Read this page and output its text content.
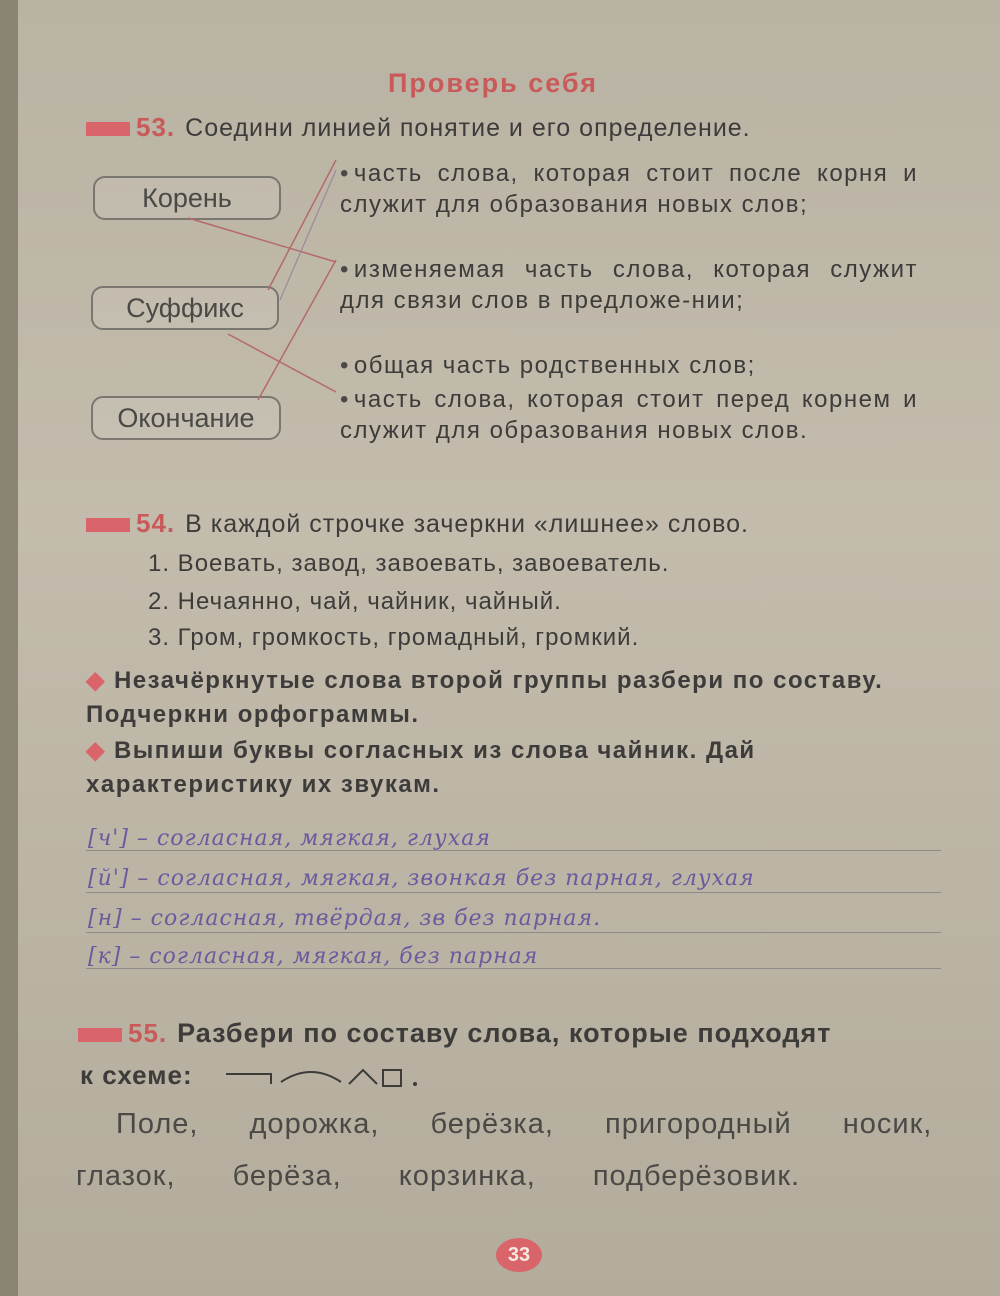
Проверь себя
53. Соедини линией понятие и его определение.
Корень
Суффикс
Окончание
• часть слова, которая стоит после корня и служит для образования новых слов;
• изменяемая часть слова, которая служит для связи слов в предложе-нии;
• общая часть родственных слов;
• часть слова, которая стоит перед корнем и служит для образования новых слов.
54. В каждой строчке зачеркни «лишнее» слово.
1. Воевать, завод, завоевать, завоеватель.
2. Нечаянно, чай, чайник, чайный.
3. Гром, громкость, громадный, громкий.
◆ Незачёркнутые слова второй группы разбери по составу. Подчеркни орфограммы.
◆ Выпиши буквы согласных из слова чайник. Дай характеристику их звукам.
[ч'] – согласная, мягкая, глухая
[й'] – согласная, мягкая, звонкая без парная, глухая
[н] – согласная, твёрдая, зв без парная.
[к] – согласная, мягкая, без парная
55. Разбери по составу слова, которые подходят
к схеме:
Поле, дорожка, берёзка, пригородный носик,
глазок, берёза, корзинка, подберёзовик.
33
